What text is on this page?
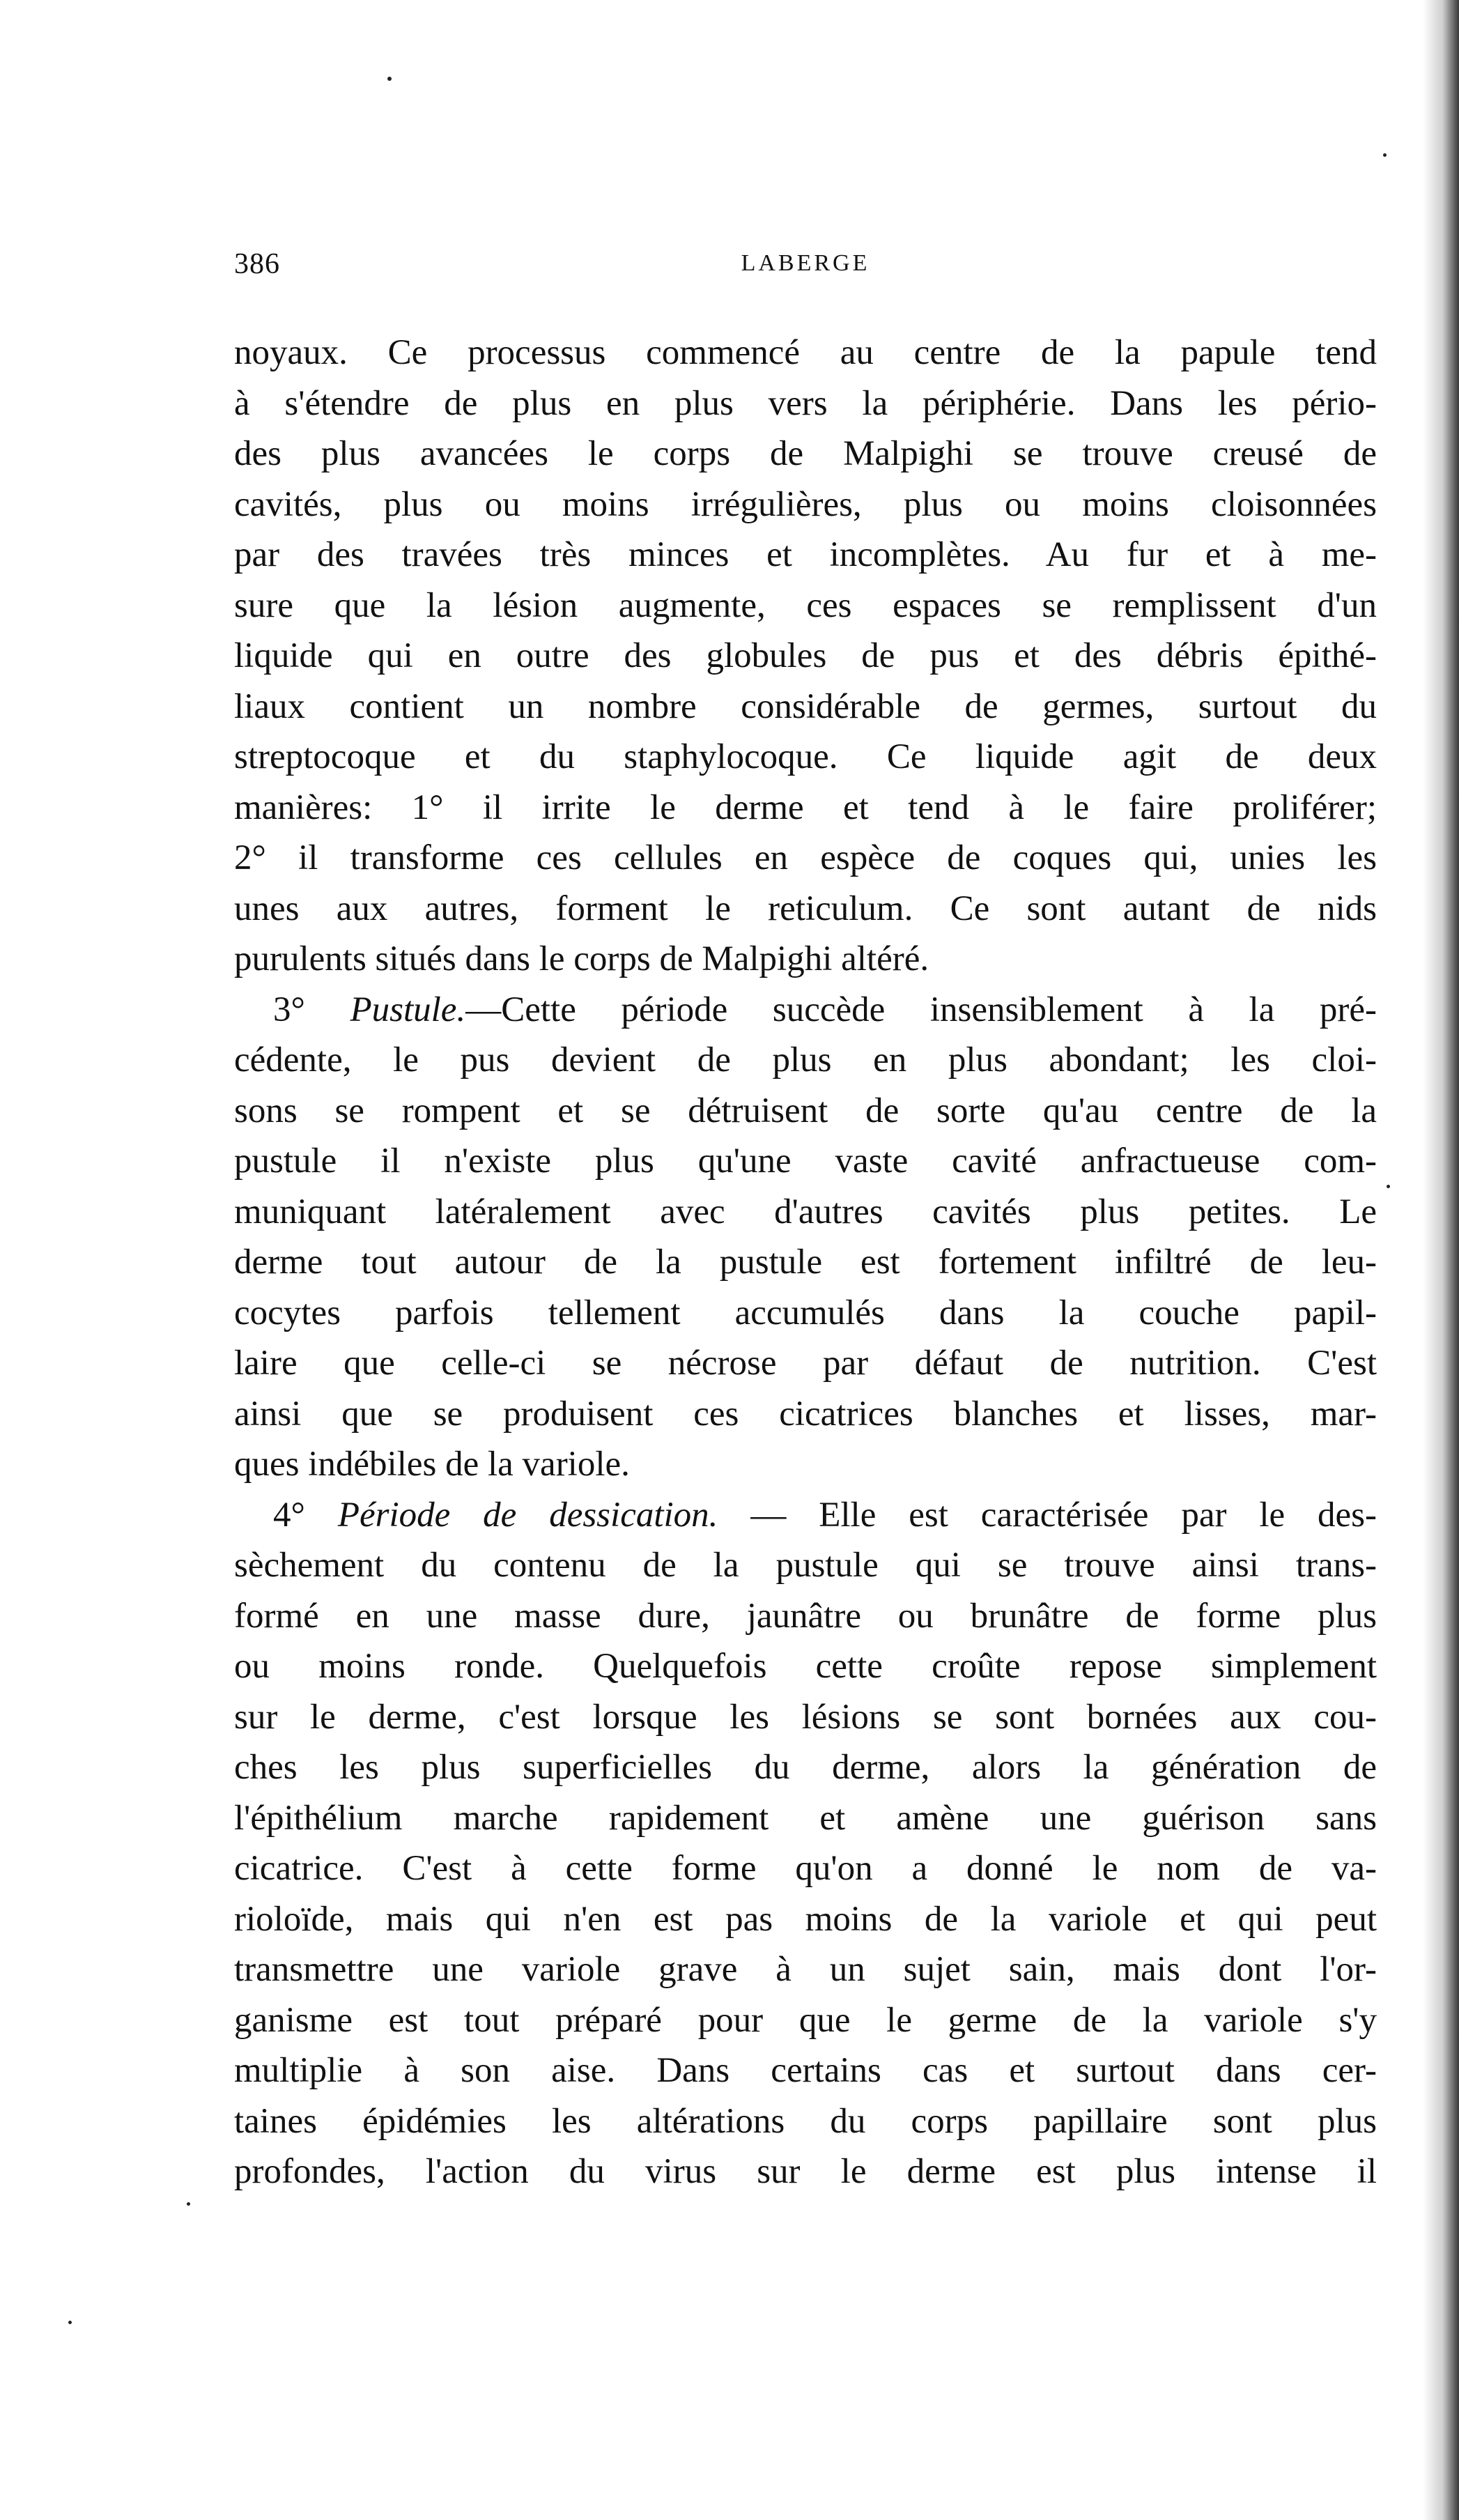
386	LABERGE
noyaux. Ce processus commencé au centre de la papule tend
à s'étendre de plus en plus vers la périphérie. Dans les pério-
des plus avancées le corps de Malpighi se trouve creusé de
cavités, plus ou moins irrégulières, plus ou moins cloisonnées
par des travées très minces et incomplètes. Au fur et à me-
sure que la lésion augmente, ces espaces se remplissent d'un
liquide qui en outre des globules de pus et des débris épithé-
liaux contient un nombre considérable de germes, surtout du
streptocoque et du staphylocoque. Ce liquide agit de deux
manières: 1° il irrite le derme et tend à le faire proliférer;
2° il transforme ces cellules en espèce de coques qui, unies les
unes aux autres, forment le reticulum. Ce sont autant de nids
purulents situés dans le corps de Malpighi altéré.
3° Pustule.—Cette période succède insensiblement à la pré-
cédente, le pus devient de plus en plus abondant; les cloi-
sons se rompent et se détruisent de sorte qu'au centre de la
pustule il n'existe plus qu'une vaste cavité anfractueuse com-
muniquant latéralement avec d'autres cavités plus petites. Le
derme tout autour de la pustule est fortement infiltré de leu-
cocytes parfois tellement accumulés dans la couche papil-
laire que celle-ci se nécrose par défaut de nutrition. C'est
ainsi que se produisent ces cicatrices blanches et lisses, mar-
ques indébiles de la variole.
4° Période de dessication. — Elle est caractérisée par le des-
sèchement du contenu de la pustule qui se trouve ainsi trans-
formé en une masse dure, jaunâtre ou brunâtre de forme plus
ou moins ronde. Quelquefois cette croûte repose simplement
sur le derme, c'est lorsque les lésions se sont bornées aux cou-
ches les plus superficielles du derme, alors la génération de
l'épithélium marche rapidement et amène une guérison sans
cicatrice. C'est à cette forme qu'on a donné le nom de va-
rioloïde, mais qui n'en est pas moins de la variole et qui peut
transmettre une variole grave à un sujet sain, mais dont l'or-
ganisme est tout préparé pour que le germe de la variole s'y
multiplie à son aise. Dans certains cas et surtout dans cer-
taines épidémies les altérations du corps papillaire sont plus
profondes, l'action du virus sur le derme est plus intense il
